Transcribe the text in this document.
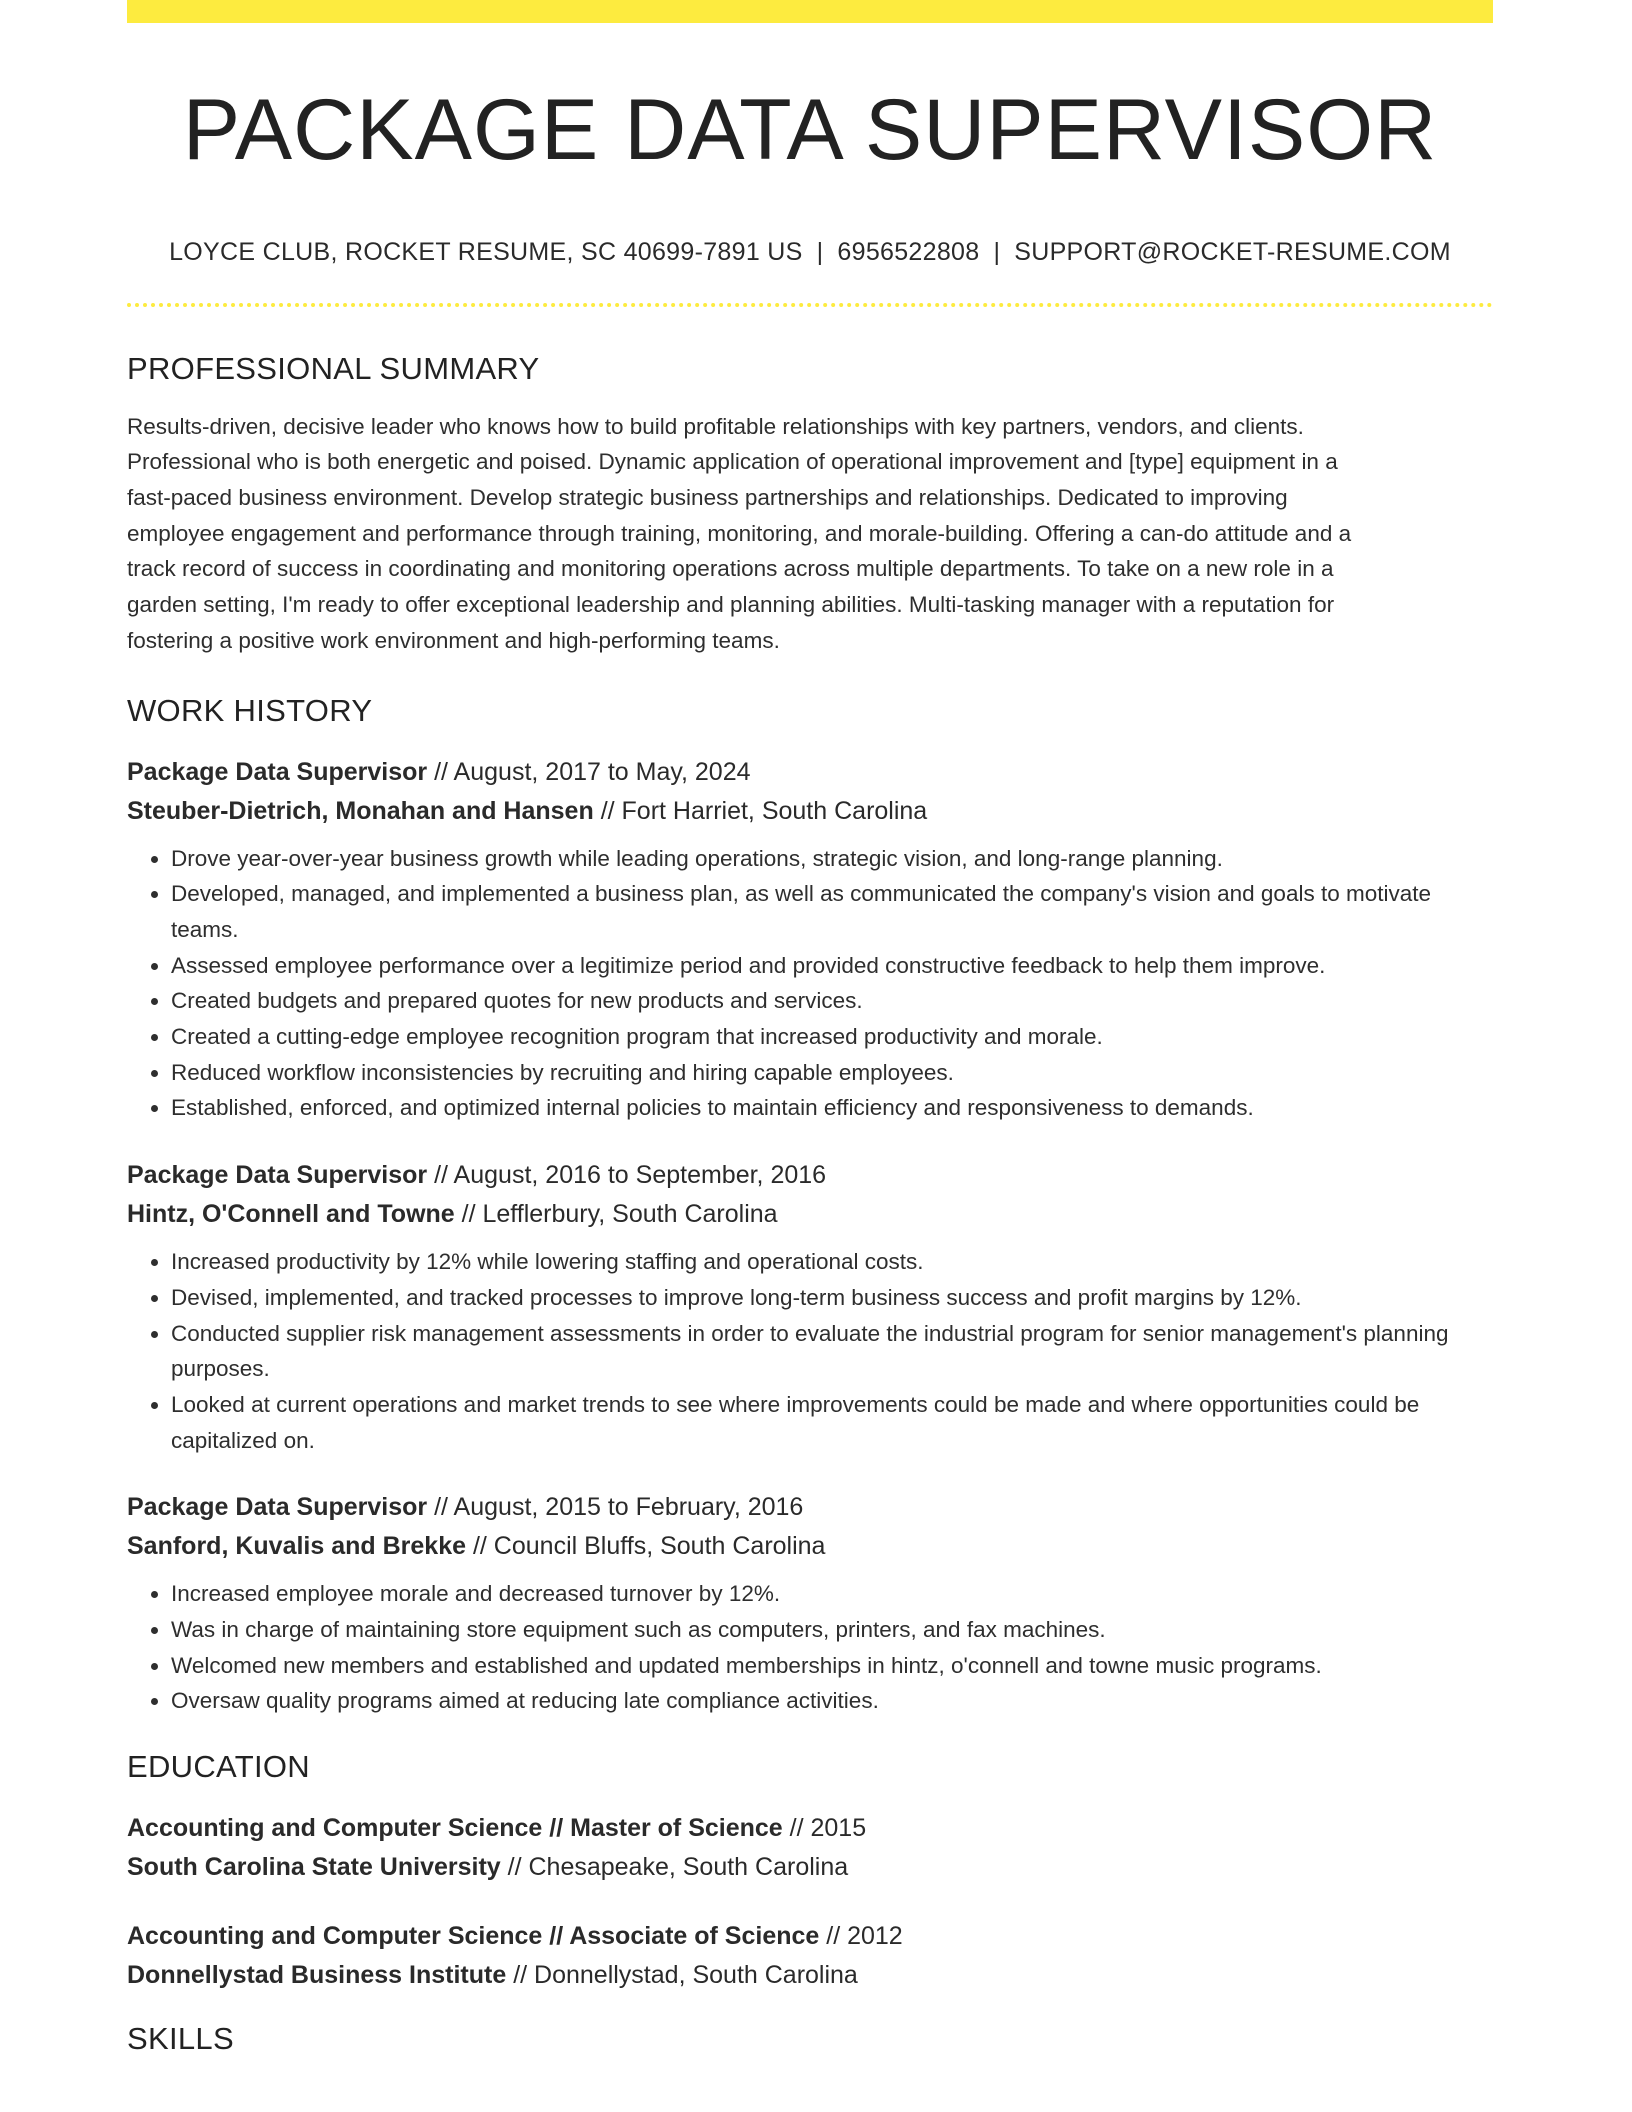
PACKAGE DATA SUPERVISOR
LOYCE CLUB, ROCKET RESUME, SC 40699-7891 US | 6956522808 | SUPPORT@ROCKET-RESUME.COM
PROFESSIONAL SUMMARY
Results-driven, decisive leader who knows how to build profitable relationships with key partners, vendors, and clients.
Professional who is both energetic and poised. Dynamic application of operational improvement and [type] equipment in a
fast-paced business environment. Develop strategic business partnerships and relationships. Dedicated to improving
employee engagement and performance through training, monitoring, and morale-building. Offering a can-do attitude and a
track record of success in coordinating and monitoring operations across multiple departments. To take on a new role in a
garden setting, I'm ready to offer exceptional leadership and planning abilities. Multi-tasking manager with a reputation for
fostering a positive work environment and high-performing teams.
WORK HISTORY
Package Data Supervisor // August, 2017 to May, 2024
Steuber-Dietrich, Monahan and Hansen // Fort Harriet, South Carolina
• Drove year-over-year business growth while leading operations, strategic vision, and long-range planning.
• Developed, managed, and implemented a business plan, as well as communicated the company's vision and goals to motivate teams.
• Assessed employee performance over a legitimize period and provided constructive feedback to help them improve.
• Created budgets and prepared quotes for new products and services.
• Created a cutting-edge employee recognition program that increased productivity and morale.
• Reduced workflow inconsistencies by recruiting and hiring capable employees.
• Established, enforced, and optimized internal policies to maintain efficiency and responsiveness to demands.
Package Data Supervisor // August, 2016 to September, 2016
Hintz, O'Connell and Towne // Lefflerbury, South Carolina
• Increased productivity by 12% while lowering staffing and operational costs.
• Devised, implemented, and tracked processes to improve long-term business success and profit margins by 12%.
• Conducted supplier risk management assessments in order to evaluate the industrial program for senior management's planning purposes.
• Looked at current operations and market trends to see where improvements could be made and where opportunities could be capitalized on.
Package Data Supervisor // August, 2015 to February, 2016
Sanford, Kuvalis and Brekke // Council Bluffs, South Carolina
• Increased employee morale and decreased turnover by 12%.
• Was in charge of maintaining store equipment such as computers, printers, and fax machines.
• Welcomed new members and established and updated memberships in hintz, o'connell and towne music programs.
• Oversaw quality programs aimed at reducing late compliance activities.
EDUCATION
Accounting and Computer Science // Master of Science // 2015
South Carolina State University // Chesapeake, South Carolina
Accounting and Computer Science // Associate of Science // 2012
Donnellystad Business Institute // Donnellystad, South Carolina
SKILLS
